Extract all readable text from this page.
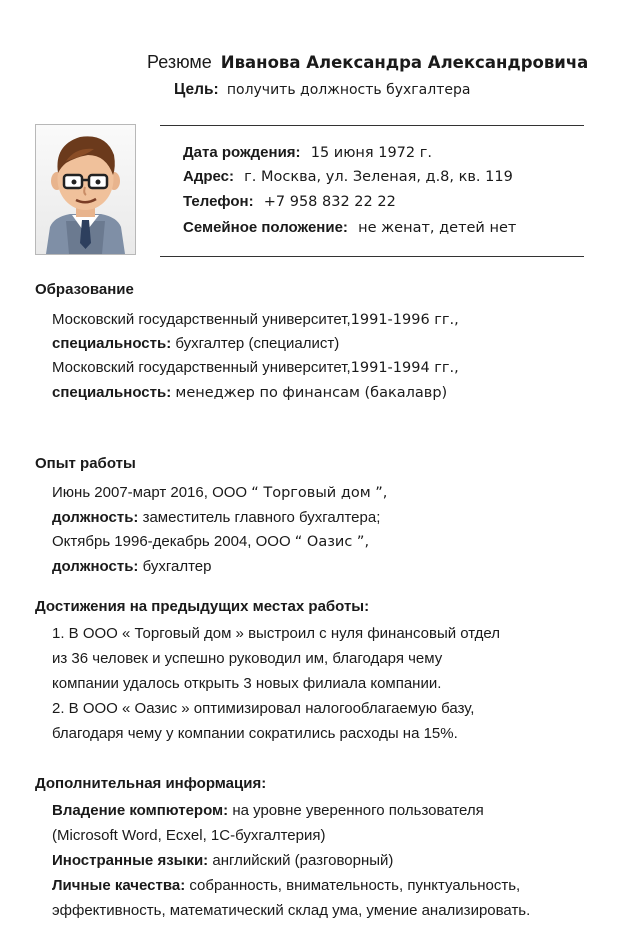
Резюме Иванова Александра Александровича
Цель: получить должность бухгалтера
Дата рождения: 15 июня 1972 г.
Адрес: г. Москва, ул. Зеленая, д.8, кв. 119
Телефон: +7 958 832 22 22
Семейное положение: не женат, детей нет
Образование
Московский государственный университет,1991-1996 гг.,
специальность: бухгалтер (специалист)
Московский государственный университет,1991-1994 гг.,
специальность: менеджер по финансам (бакалавр)
Опыт работы
Июнь 2007-март 2016, ООО “ Торговый дом ”,
должность: заместитель главного бухгалтера;
Октябрь 1996-декабрь 2004, ООО “ Оазис ”,
должность: бухгалтер
Достижения на предыдущих местах работы:
1. В ООО « Торговый дом » выстроил с нуля финансовый отдел
из 36 человек и успешно руководил им, благодаря чему
компании удалось открыть 3 новых филиала компании.
2. В ООО « Оазис » оптимизировал налогооблагаемую базу,
благодаря чему у компании сократились расходы на 15%.
Дополнительная информация:
Владение компютером: на уровне уверенного пользователя
(Microsoft Word, Ecxel, 1С-бухгалтерия)
Иностранные языки: английский (разговорный)
Личные качества: собранность, внимательность, пунктуальность,
эффективность, математический склад ума, умение анализировать.
